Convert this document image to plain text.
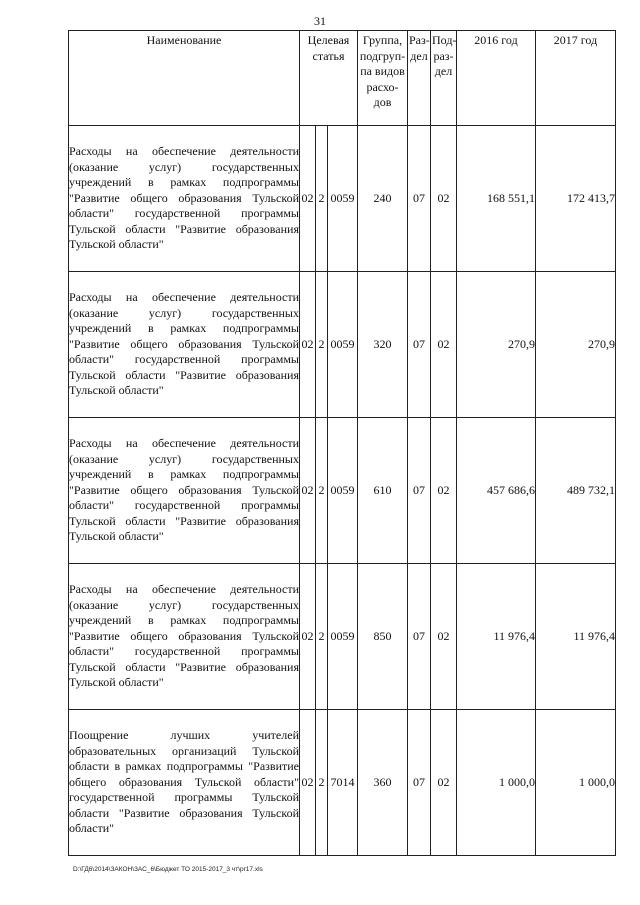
31
Наименование	Целевая статья			Группа, подгруп-па видов расхо-дов	Раз-дел	Под-раз-дел	2016 год	2017 год

Расходы на обеспечение деятельности (оказание услуг) государственных учреждений в рамках подпрограммы "Развитие общего образования Тульской области" государственной программы Тульской области "Развитие образования Тульской области"	02	2	0059	240	07	02	168 551,1	172 413,7
Расходы на обеспечение деятельности (оказание услуг) государственных учреждений в рамках подпрограммы "Развитие общего образования Тульской области" государственной программы Тульской области "Развитие образования Тульской области"	02	2	0059	320	07	02	270,9	270,9
Расходы на обеспечение деятельности (оказание услуг) государственных учреждений в рамках подпрограммы "Развитие общего образования Тульской области" государственной программы Тульской области "Развитие образования Тульской области"	02	2	0059	610	07	02	457 686,6	489 732,1
Расходы на обеспечение деятельности (оказание услуг) государственных учреждений в рамках подпрограммы "Развитие общего образования Тульской области" государственной программы Тульской области "Развитие образования Тульской области"	02	2	0059	850	07	02	11 976,4	11 976,4
Поощрение лучших учителей образовательных организаций Тульской области в рамках подпрограммы "Развитие общего образования Тульской области" государственной программы Тульской области "Развитие образования Тульской области"	02	2	7014	360	07	02	1 000,0	1 000,0
D:\ГД6\2014\ЗАКОН\ЗАС_6\Бюджет ТО 2015-2017_3 чт\pr17.xls
